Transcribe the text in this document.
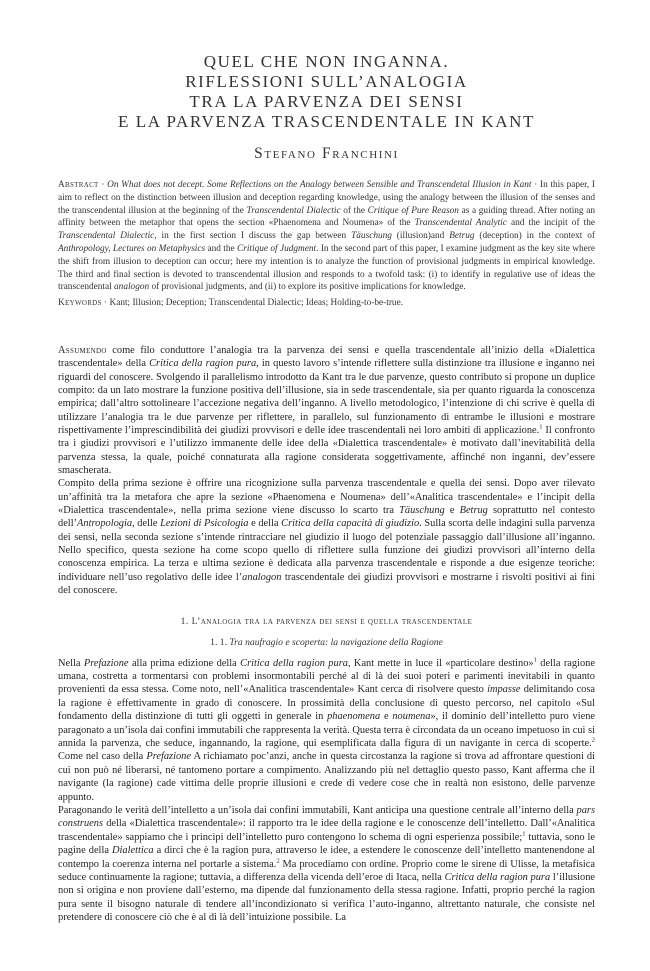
QUEL CHE NON INGANNA.
RIFLESSIONI SULL’ANALOGIA
TRA LA PARVENZA DEI SENSI
E LA PARVENZA TRASCENDENTALE IN KANT
Stefano Franchini
Abstract · On What does not decept. Some Reflections on the Analogy between Sensible and Transcendetal Illusion in Kant · In this paper, I aim to reflect on the distinction between illusion and deception regarding knowledge, using the analogy between the illusion of the senses and the transcendental illusion at the beginning of the Transcendental Dialectic of the Critique of Pure Reason as a guiding thread. After noting an affinity between the metaphor that opens the section «Phaenomena and Noumena» of the Transcendental Analytic and the incipit of the Transcendental Dialectic, in the first section I discuss the gap between Täuschung (illusion)and Betrug (deception) in the context of Anthropology, Lectures on Metaphysics and the Critique of Judgment. In the second part of this paper, I examine judgment as the key site where the shift from illusion to deception can occur; here my intention is to analyze the function of provisional judgments in empirical knowledge. The third and final section is devoted to transcendental illusion and responds to a twofold task: (i) to identify in regulative use of ideas the transcendental analogon of provisional judgments, and (ii) to explore its positive implications for knowledge.
Keywords · Kant; Illusion; Deception; Transcendental Dialectic; Ideas; Holding-to-be-true.

Assumendo come filo conduttore l’analogia tra la parvenza dei sensi e quella trascendentale all’inizio della «Dialettica trascendentale» della Critica della ragion pura, in questo lavoro s’intende riflettere sulla distinzione tra illusione e inganno nei riguardi del conoscere. Svolgendo il parallelismo introdotto da Kant tra le due parvenze, questo contributo si propone un duplice compito: da un lato mostrare la funzione positiva dell’illusione, sia in sede trascendentale, sia per quanto riguarda la conoscenza empirica; dall’altro sottolineare l’accezione negativa dell’inganno. A livello metodologico, l’intenzione di chi scrive è quella di utilizzare l’analogia tra le due parvenze per riflettere, in parallelo, sul funzionamento di entrambe le illusioni e mostrare rispettivamente l’imprescindibilità dei giudizi provvisori e delle idee trascendentali nei loro ambiti di applicazione.$^1$ Il confronto tra i giudizi provvisori e l’utilizzo immanente delle idee della «Dialettica trascendentale» è motivato dall’inevitabilità della parvenza stessa, la quale, poiché connaturata alla ragione considerata soggettivamente, affinché non inganni, dev’essere smascherata.

Compito della prima sezione è offrire una ricognizione sulla parvenza trascendentale e quella dei sensi. Dopo aver rilevato un’affinità tra la metafora che apre la sezione «Phaenomena e Noumena» dell’«Analitica trascendentale» e l’incipit della «Dialettica trascendentale», nella prima sezione viene discusso lo scarto tra Täuschung e Betrug soprattutto nel contesto dell’Antropologia, delle Lezioni di Psicologia e della Critica della capacità di giudizio. Sulla scorta delle indagini sulla parvenza dei sensi, nella seconda sezione s’intende rintracciare nel giudizio il luogo del potenziale passaggio dall’illusione all’inganno. Nello specifico, questa sezione ha come scopo quello di riflettere sulla funzione dei giudizi provvisori all’interno della conoscenza empirica. La terza e ultima sezione è dedicata alla parvenza trascendentale e risponde a due esigenze teoriche: individuare nell’uso regolativo delle idee l’analogon trascendentale dei giudizi provvisori e mostrarne i risvolti positivi ai fini del conoscere.

1. L’analogia tra la parvenza dei sensi e quella trascendentale
1. 1. Tra naufragio e scoperta: la navigazione della Ragione

Nella Prefazione alla prima edizione della Critica della ragion pura, Kant mette in luce il «particolare destino»$^1$ della ragione umana, costretta a tormentarsi con problemi insormontabili perché al di là dei suoi poteri e parimenti inevitabili in quanto provenienti da essa stessa. Come noto, nell’«Analitica trascendentale» Kant cerca di risolvere questo impasse delimitando cosa la ragione è effettivamente in grado di conoscere. In prossimità della conclusione di questo percorso, nel capitolo «Sul fondamento della distinzione di tutti gli oggetti in generale in phaenomena e noumena», il dominio dell’intelletto puro viene paragonato a un’isola dai confini immutabili che rappresenta la verità. Questa terra è circondata da un oceano impetuoso in cui si annida la parvenza, che seduce, ingannando, la ragione, qui esemplificata dalla figura di un navigante in cerca di scoperte.$^2$ Come nel caso della Prefazione A richiamato poc’anzi, anche in questa circostanza la ragione si trova ad affrontare questioni di cui non può né liberarsi, né tantomeno portare a compimento. Analizzando più nel dettaglio questo passo, Kant afferma che il navigante (la ragione) cade vittima delle proprie illusioni e crede di vedere cose che in realtà non esistono, delle parvenze appunto.

Paragonando le verità dell’intelletto a un’isola dai confini immutabili, Kant anticipa una questione centrale all’interno della pars construens della «Dialettica trascendentale»: il rapporto tra le idee della ragione e le conoscenze dell’intelletto. Dall’«Analitica trascendentale» sappiamo che i principi dell’intelletto puro contengono lo schema di ogni esperienza possibile;$^1$ tuttavia, sono le pagine della Dialettica a dirci che è la ragion pura, attraverso le idee, a estendere le conoscenze dell’intelletto mantenendone al contempo la coerenza interna nel portarle a sistema.$^2$ Ma procediamo con ordine. Proprio come le sirene di Ulisse, la metafisica seduce continuamente la ragione; tuttavia, a differenza della vicenda dell’eroe di Itaca, nella Critica della ragion pura l’illusione non si origina e non proviene dall’esterno, ma dipende dal funzionamento della stessa ragione. Infatti, proprio perché la ragion pura sente il bisogno naturale di tendere all’incondizionato si verifica l’auto-inganno, altrettanto naturale, che consiste nel pretendere di conoscere ciò che è al di là dell’intuizione possibile. La
